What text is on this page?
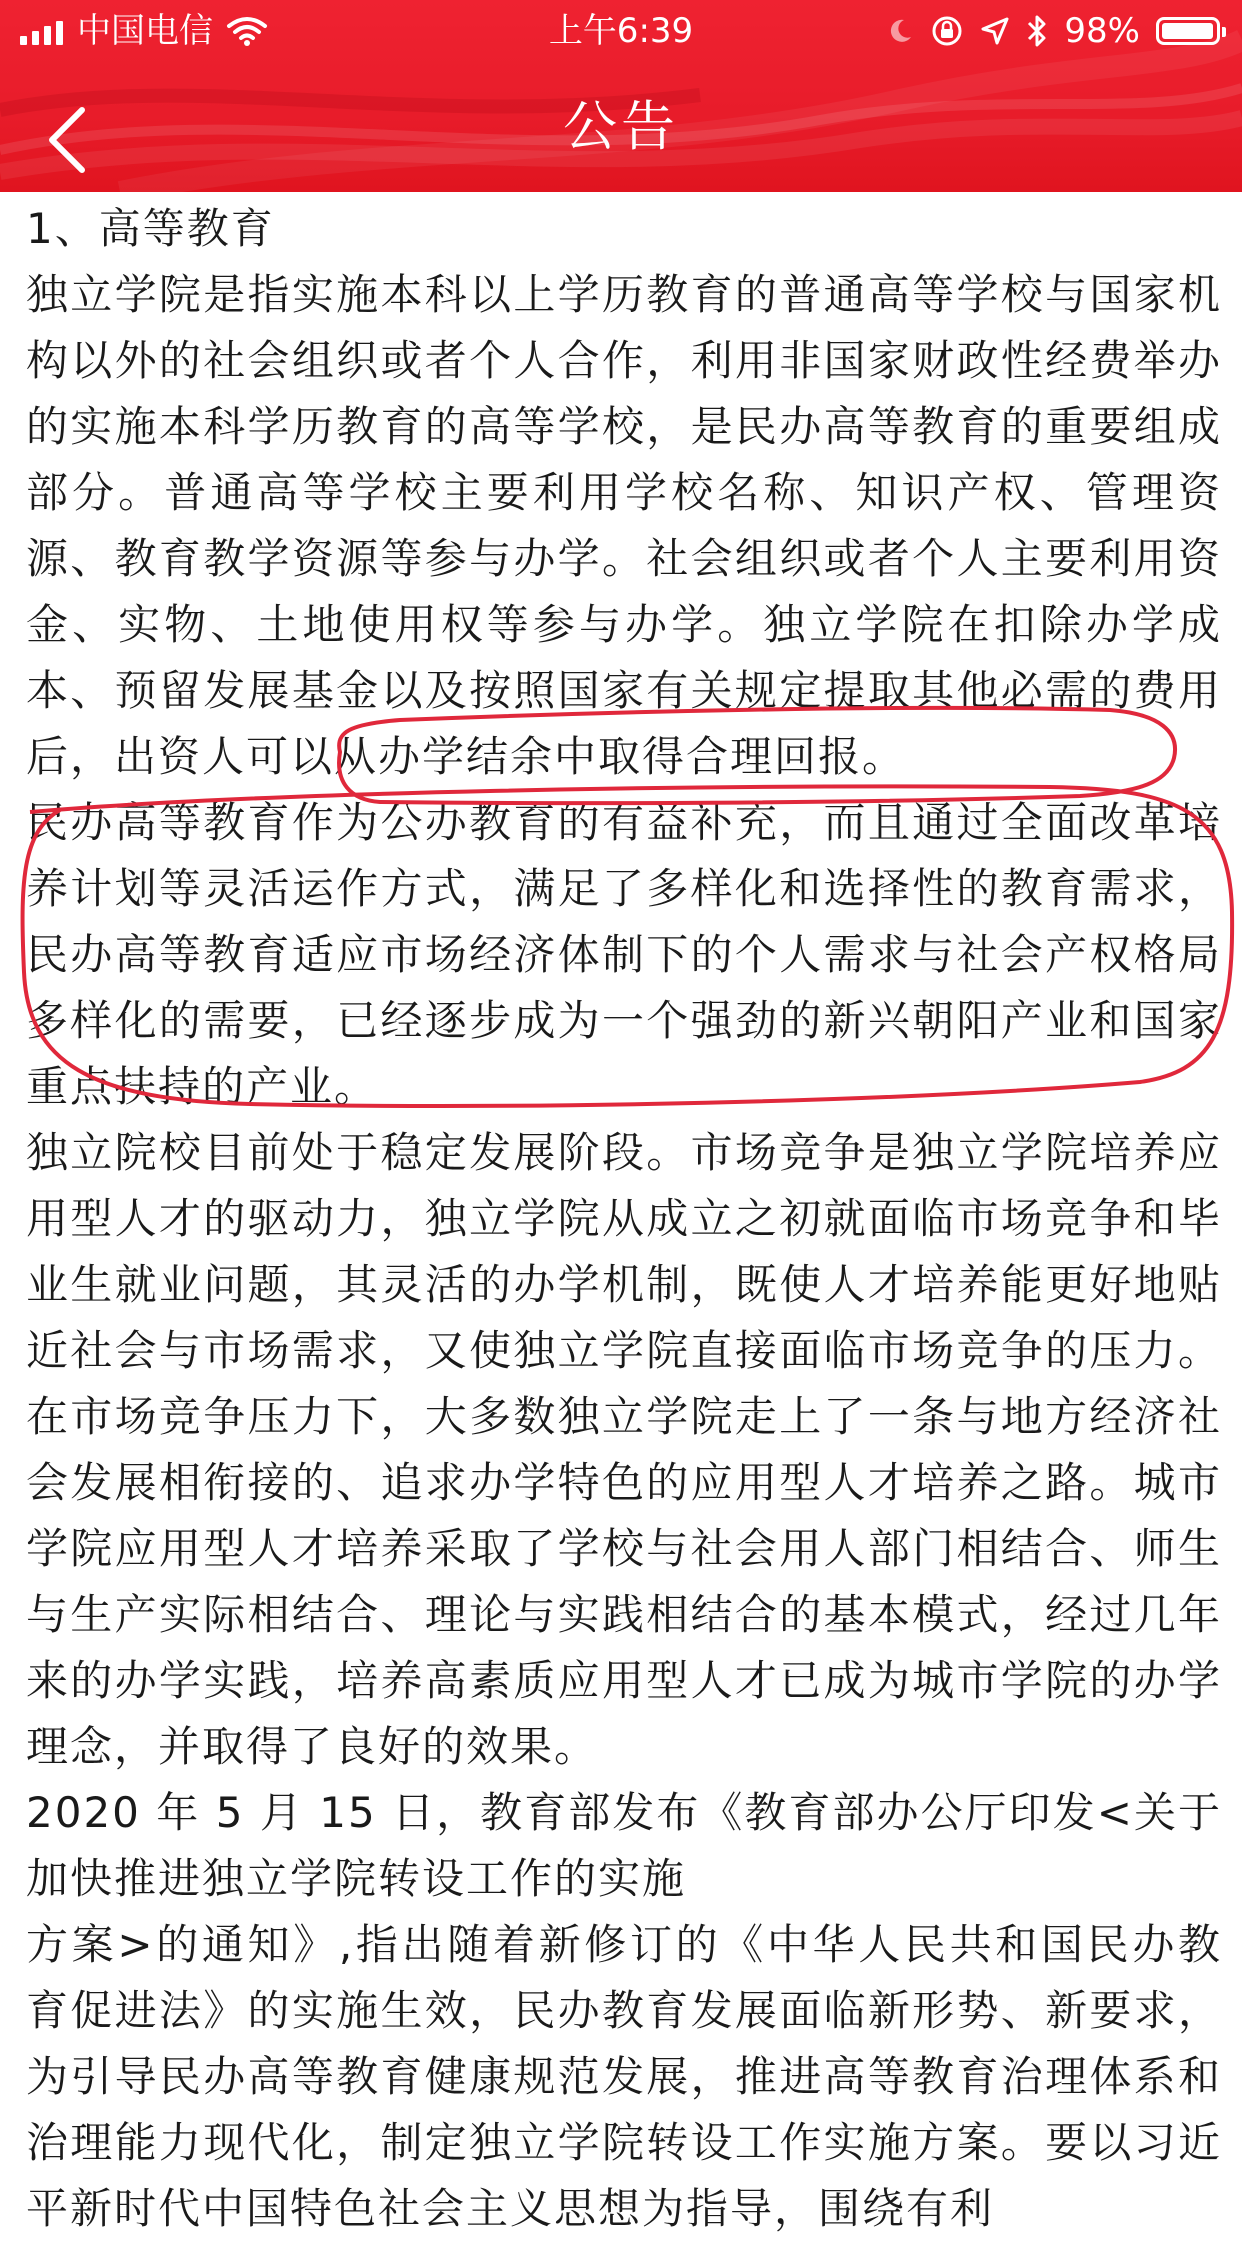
中国电信	上午6:39	98%
公告

1、高等教育

独立学院是指实施本科以上学历教育的普通高等学校与国家机构以外的社会组织或者个人合作，利用非国家财政性经费举办的实施本科学历教育的高等学校，是民办高等教育的重要组成部分。普通高等学校主要利用学校名称、知识产权、管理资源、教育教学资源等参与办学。社会组织或者个人主要利用资金、实物、土地使用权等参与办学。独立学院在扣除办学成本、预留发展基金以及按照国家有关规定提取其他必需的费用后，出资人可以从办学结余中取得合理回报。

民办高等教育作为公办教育的有益补充，而且通过全面改革培养计划等灵活运作方式，满足了多样化和选择性的教育需求，民办高等教育适应市场经济体制下的个人需求与社会产权格局多样化的需要，已经逐步成为一个强劲的新兴朝阳产业和国家重点扶持的产业。

独立院校目前处于稳定发展阶段。市场竞争是独立学院培养应用型人才的驱动力，独立学院从成立之初就面临市场竞争和毕业生就业问题，其灵活的办学机制，既使人才培养能更好地贴近社会与市场需求，又使独立学院直接面临市场竞争的压力。在市场竞争压力下，大多数独立学院走上了一条与地方经济社会发展相衔接的、追求办学特色的应用型人才培养之路。城市学院应用型人才培养采取了学校与社会用人部门相结合、师生与生产实际相结合、理论与实践相结合的基本模式，经过几年来的办学实践，培养高素质应用型人才已成为城市学院的办学理念，并取得了良好的效果。

2020 年 5 月 15 日，教育部发布《教育部办公厅印发<关于加快推进独立学院转设工作的实施

方案>的通知》,指出随着新修订的《中华人民共和国民办教育促进法》的实施生效，民办教育发展面临新形势、新要求，为引导民办高等教育健康规范发展，推进高等教育治理体系和治理能力现代化，制定独立学院转设工作实施方案。要以习近平新时代中国特色社会主义思想为指导，围绕有利
